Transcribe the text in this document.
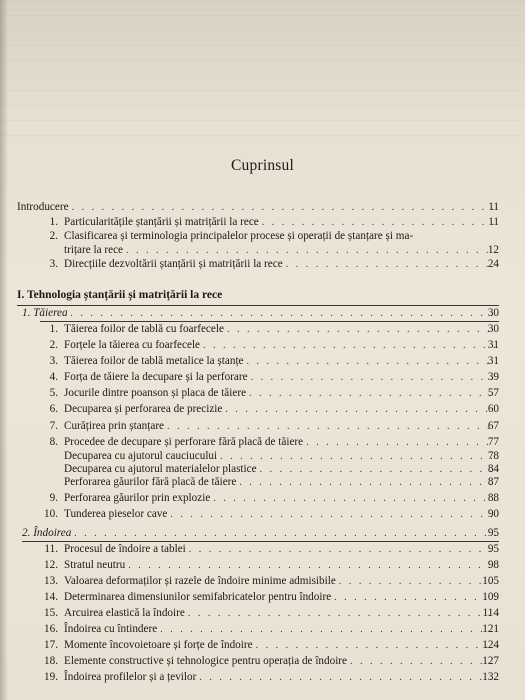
Cuprinsul
Introducere . . .	11
1. Particularitățile ștanțării și matrițării la rece . . .	11
2. Clasificarea și terminologia principalelor procese și operații de ștanțare și ma-
trițare la rece . . .	12
3. Direcțiile dezvoltării ștanțării și matrițării la rece . . .	24
I. Tehnologia ștanțării și matrițării la rece
1. Tăierea . . .	30
1. Tăierea foilor de tablă cu foarfecele . . .	30
2. Forțele la tăierea cu foarfecele . . .	31
3. Tăierea foilor de tablă metalice la ștanțe . . .	31
4. Forța de tăiere la decupare și la perforare . . .	39
5. Jocurile dintre poanson și placa de tăiere . . .	57
6. Decuparea și perforarea de precizie . . .	60
7. Curățirea prin ștanțare . . .	67
8. Procedee de decupare și perforare fără placă de tăiere . . .	77
Decuparea cu ajutorul cauciucului . . .	78
Decuparea cu ajutorul materialelor plastice . . .	84
Perforarea găurilor fără placă de tăiere . . .	87
9. Perforarea găurilor prin explozie . . .	88
10. Tunderea pieselor cave . . .	90
2. Îndoirea . . .	95
11. Procesul de îndoire a tablei . . .	95
12. Stratul neutru . . .	98
13. Valoarea deformaților și razele de îndoire minime admisibile . . .	105
14. Determinarea dimensiunilor semifabricatelor pentru îndoire . . .	109
15. Arcuirea elastică la îndoire . . .	114
16. Îndoirea cu întindere . . .	121
17. Momente încovoietoare și forțe de îndoire . . .	124
18. Elemente constructive și tehnologice pentru operația de îndoire . . .	127
19. Îndoirea profilelor și a țevilor . . .	132
